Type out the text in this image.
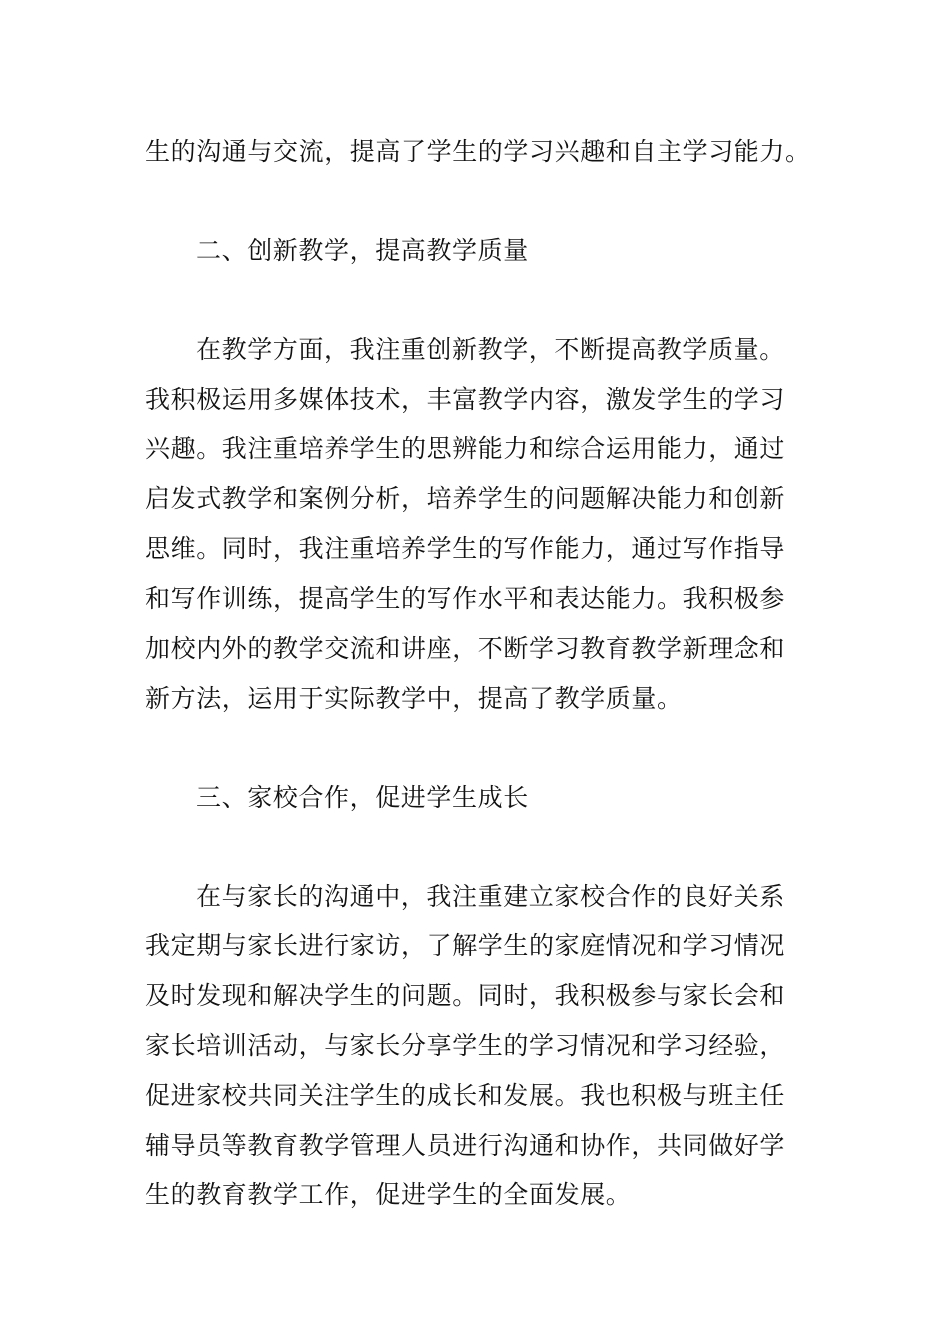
生的沟通与交流，提高了学生的学习兴趣和自主学习能力。
二、创新教学，提高教学质量
在教学方面，我注重创新教学，不断提高教学质量。
我积极运用多媒体技术，丰富教学内容，激发学生的学习
兴趣。我注重培养学生的思辨能力和综合运用能力，通过
启发式教学和案例分析，培养学生的问题解决能力和创新
思维。同时，我注重培养学生的写作能力，通过写作指导
和写作训练，提高学生的写作水平和表达能力。我积极参
加校内外的教学交流和讲座，不断学习教育教学新理念和
新方法，运用于实际教学中，提高了教学质量。
三、家校合作，促进学生成长
在与家长的沟通中，我注重建立家校合作的良好关系
我定期与家长进行家访，了解学生的家庭情况和学习情况
及时发现和解决学生的问题。同时，我积极参与家长会和
家长培训活动，与家长分享学生的学习情况和学习经验，
促进家校共同关注学生的成长和发展。我也积极与班主任
辅导员等教育教学管理人员进行沟通和协作，共同做好学
生的教育教学工作，促进学生的全面发展。
